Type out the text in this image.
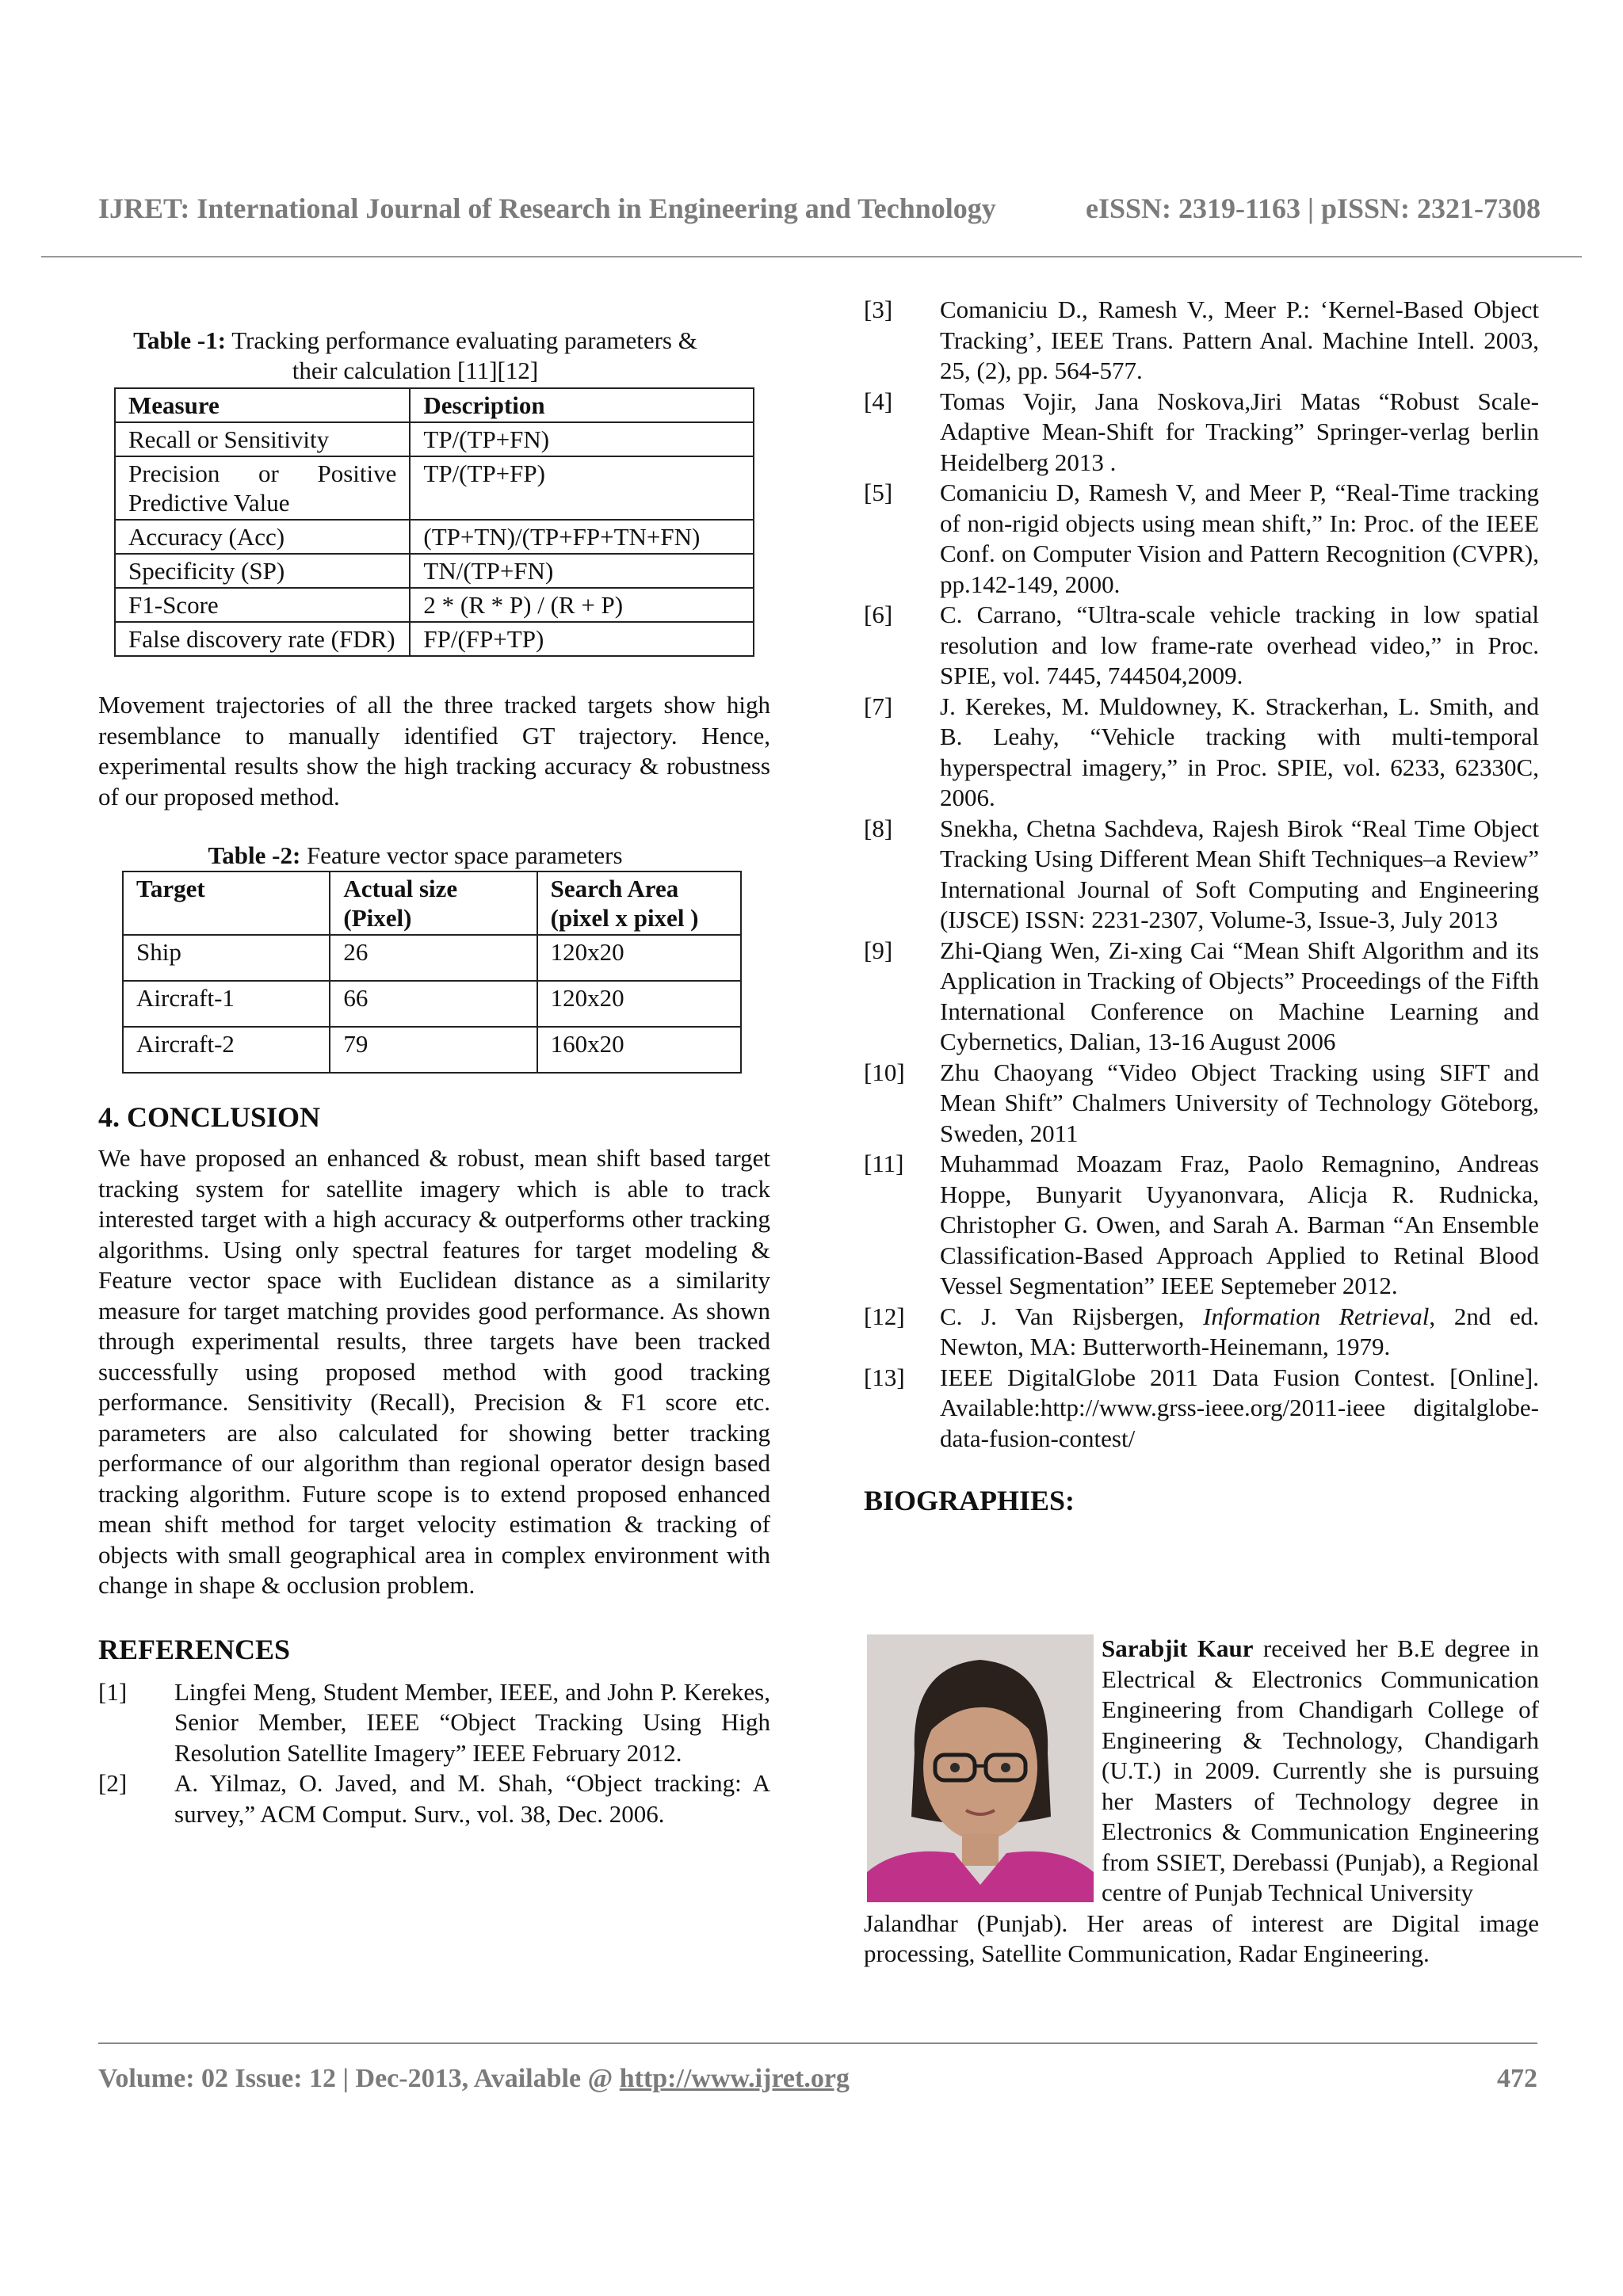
IJRET: International Journal of Research in Engineering and Technology	eISSN: 2319-1163 | pISSN: 2321-7308
Table -1: Tracking performance evaluating parameters &
their calculation [11][12]
Measure	Description
Recall or Sensitivity	TP/(TP+FN)
Precision or Positive Predictive Value	TP/(TP+FP)
Accuracy (Acc)	(TP+TN)/(TP+FP+TN+FN)
Specificity (SP)	TN/(TP+FN)
F1-Score	2 * (R * P) / (R + P)
False discovery rate (FDR)	FP/(FP+TP)

Movement trajectories of all the three tracked targets show high resemblance to manually identified GT trajectory. Hence, experimental results show the high tracking accuracy & robustness of our proposed method.

Table -2: Feature vector space parameters
Target	Actual size (Pixel)	Search Area (pixel x pixel )
Ship	26	120x20
Aircraft-1	66	120x20
Aircraft-2	79	160x20
4. CONCLUSION

We have proposed an enhanced & robust, mean shift based target tracking system for satellite imagery which is able to track interested target with a high accuracy & outperforms other tracking algorithms. Using only spectral features for target modeling & Feature vector space with Euclidean distance as a similarity measure for target matching provides good performance. As shown through experimental results, three targets have been tracked successfully using proposed method with good tracking performance. Sensitivity (Recall), Precision & F1 score etc. parameters are also calculated for showing better tracking performance of our algorithm than regional operator design based tracking algorithm. Future scope is to extend proposed enhanced mean shift method for target velocity estimation & tracking of objects with small geographical area in complex environment with change in shape & occlusion problem.

REFERENCES
[1]	Lingfei Meng, Student Member, IEEE, and John P. Kerekes, Senior Member, IEEE “Object Tracking Using High Resolution Satellite Imagery” IEEE February 2012.
[2]	A. Yilmaz, O. Javed, and M. Shah, “Object tracking: A survey,” ACM Comput. Surv., vol. 38, Dec. 2006.
[3]	Comaniciu D., Ramesh V., Meer P.: ‘Kernel-Based Object Tracking’, IEEE Trans. Pattern Anal. Machine Intell. 2003, 25, (2), pp. 564-577.
[4]	Tomas Vojir, Jana Noskova,Jiri Matas “Robust Scale-Adaptive Mean-Shift for Tracking” Springer-verlag berlin Heidelberg 2013 .
[5]	Comaniciu D, Ramesh V, and Meer P, “Real-Time tracking of non-rigid objects using mean shift,” In: Proc. of the IEEE Conf. on Computer Vision and Pattern Recognition (CVPR), pp.142-149, 2000.
[6]	C. Carrano, “Ultra-scale vehicle tracking in low spatial resolution and low frame-rate overhead video,” in Proc. SPIE, vol. 7445, 744504,2009.
[7]	J. Kerekes, M. Muldowney, K. Strackerhan, L. Smith, and B. Leahy, “Vehicle tracking with multi-temporal hyperspectral imagery,” in Proc. SPIE, vol. 6233, 62330C, 2006.
[8]	Snekha, Chetna Sachdeva, Rajesh Birok “Real Time Object Tracking Using Different Mean Shift Techniques–a Review” International Journal of Soft Computing and Engineering (IJSCE) ISSN: 2231-2307, Volume-3, Issue-3, July 2013
[9]	Zhi-Qiang Wen, Zi-xing Cai “Mean Shift Algorithm and its Application in Tracking of Objects” Proceedings of the Fifth International Conference on Machine Learning and Cybernetics, Dalian, 13-16 August 2006
[10]	Zhu Chaoyang “Video Object Tracking using SIFT and Mean Shift” Chalmers University of Technology Göteborg, Sweden, 2011
[11]	Muhammad Moazam Fraz, Paolo Remagnino, Andreas Hoppe, Bunyarit Uyyanonvara, Alicja R. Rudnicka, Christopher G. Owen, and Sarah A. Barman “An Ensemble Classification-Based Approach Applied to Retinal Blood Vessel Segmentation” IEEE Septemeber 2012.
[12]	C. J. Van Rijsbergen, Information Retrieval, 2nd ed. Newton, MA: Butterworth-Heinemann, 1979.
[13]	IEEE DigitalGlobe 2011 Data Fusion Contest. [Online]. Available:http://www.grss-ieee.org/2011-ieee digitalglobe-data-fusion-contest/
BIOGRAPHIES:
Sarabjit Kaur received her B.E degree in Electrical & Electronics Communication Engineering from Chandigarh College of Engineering & Technology, Chandigarh (U.T.) in 2009. Currently she is pursuing her Masters of Technology degree in Electronics & Communication Engineering from SSIET, Derebassi (Punjab), a Regional centre of Punjab Technical University
Volume: 02 Issue: 12 | Dec-2013, Available @ http://www.ijret.org	472
Jalandhar (Punjab). Her areas of interest are Digital image processing, Satellite Communication, Radar Engineering.
